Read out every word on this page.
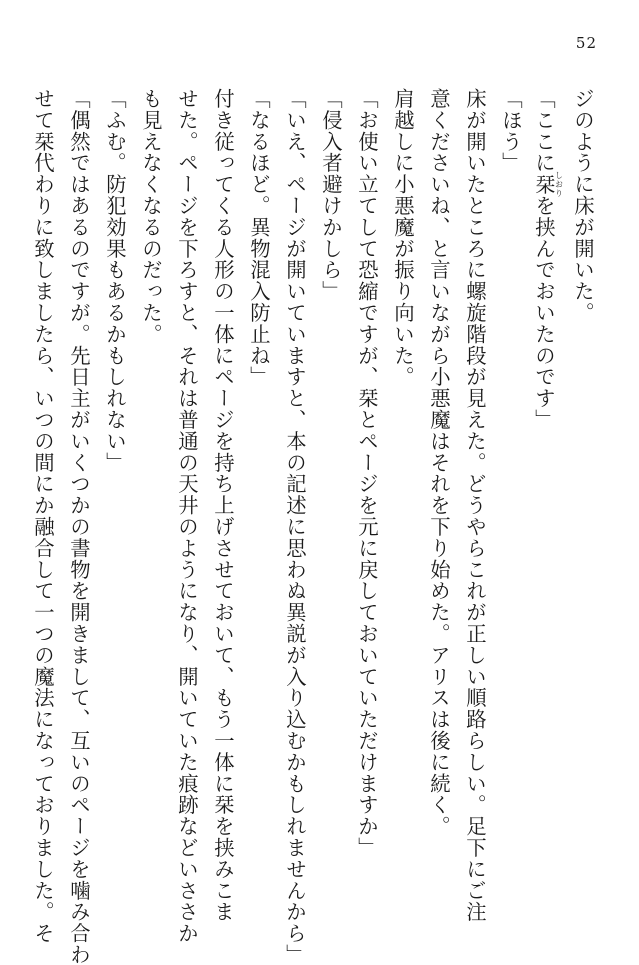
52
ジのように床が開いた。
「ここに栞しおりを挟んでおいたのです」
「ほう」
床が開いたところに螺旋階段が見えた。どうやらこれが正しい順路らしい。足下にご注
意くださいね、と言いながら小悪魔はそれを下り始めた。アリスは後に続く。
肩越しに小悪魔が振り向いた。
「お使い立てして恐縮ですが、栞とページを元に戻しておいていただけますか」
「侵入者避けかしら」
「いえ、ページが開いていますと、本の記述に思わぬ異説が入り込むかもしれませんから」
「なるほど。異物混入防止ね」
付き従ってくる人形の一体にページを持ち上げさせておいて、もう一体に栞を挟みこま
せた。ページを下ろすと、それは普通の天井のようになり、開いていた痕跡などいささか
も見えなくなるのだった。
「ふむ。防犯効果もあるかもしれない」
「偶然ではあるのですが。先日主がいくつかの書物を開きまして、互いのページを噛み合わ
せて栞代わりに致しましたら、いつの間にか融合して一つの魔法になっておりました。そ
